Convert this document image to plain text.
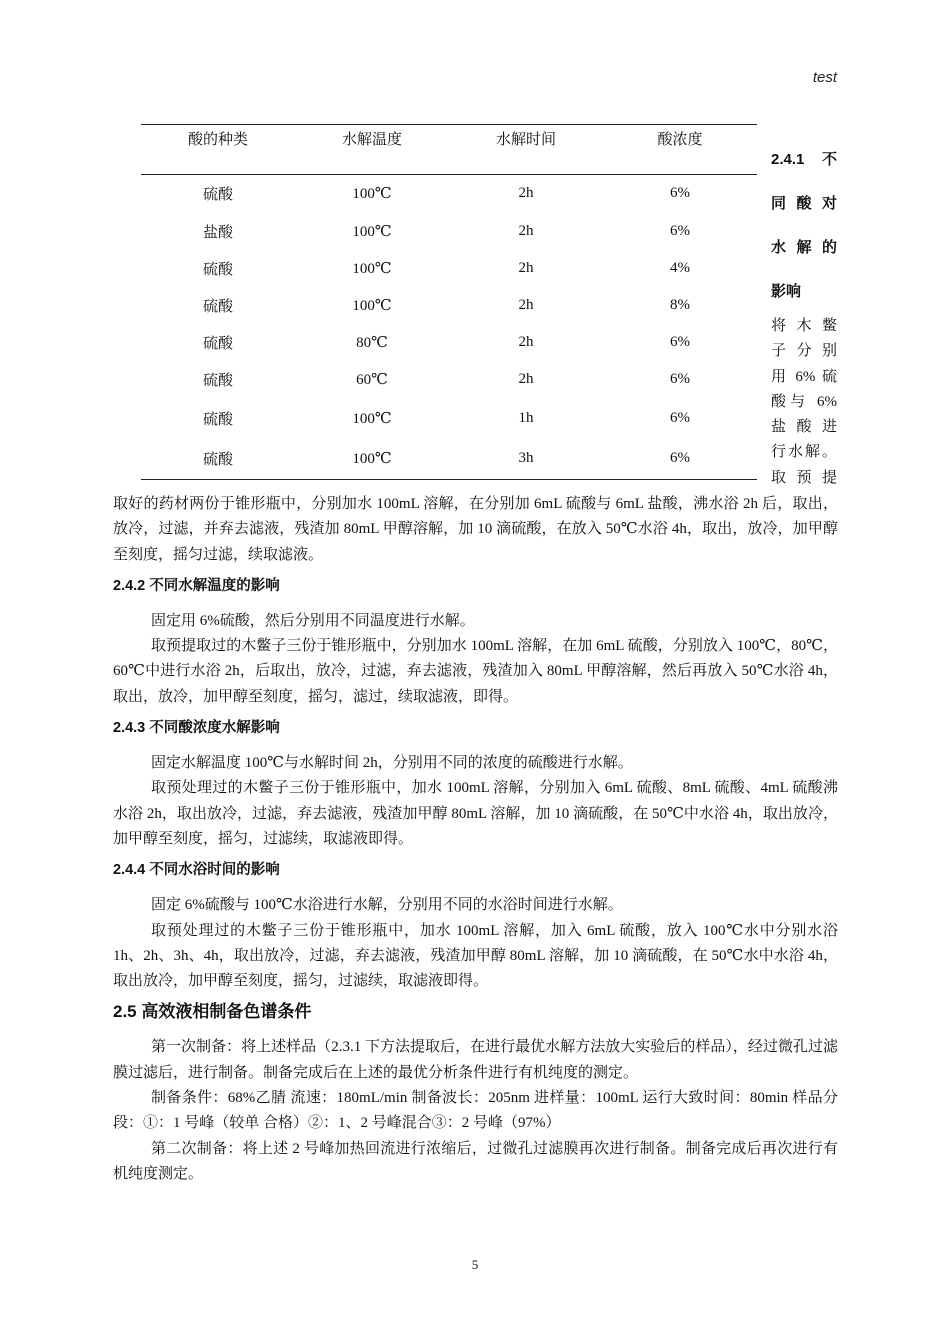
test
酸的种类	水解温度	水解时间	酸浓度
硫酸	100℃	2h	6%
盐酸	100℃	2h	6%
硫酸	100℃	2h	4%
硫酸	100℃	2h	8%
硫酸	80℃	2h	6%
硫酸	60℃	2h	6%
硫酸	100℃	1h	6%
硫酸	100℃	3h	6%
2.4.1 不
同酸对
水解的
影响
将木鳖
子分别
用 6% 硫
酸与 6%
盐酸进
行水解。
取预提

取好的药材两份于锥形瓶中，分别加水 100mL 溶解，在分别加 6mL 硫酸与 6mL 盐酸，沸水浴 2h 后，取出，放冷，过滤，并弃去滤液，残渣加 80mL 甲醇溶解，加 10 滴硫酸，在放入 50℃水浴 4h，取出，放冷，加甲醇至刻度，摇匀过滤，续取滤液。

2.4.2 不同水解温度的影响

固定用 6%硫酸，然后分别用不同温度进行水解。

取预提取过的木鳖子三份于锥形瓶中，分别加水 100mL 溶解，在加 6mL 硫酸，分别放入 100℃，80℃，60℃中进行水浴 2h，后取出，放冷，过滤，弃去滤液，残渣加入 80mL 甲醇溶解，然后再放入 50℃水浴 4h，取出，放冷，加甲醇至刻度，摇匀，滤过，续取滤液，即得。

2.4.3 不同酸浓度水解影响

固定水解温度 100℃与水解时间 2h，分别用不同的浓度的硫酸进行水解。

取预处理过的木鳖子三份于锥形瓶中，加水 100mL 溶解，分别加入 6mL 硫酸、8mL 硫酸、4mL 硫酸沸水浴 2h，取出放冷，过滤，弃去滤液，残渣加甲醇 80mL 溶解，加 10 滴硫酸，在 50℃中水浴 4h，取出放冷，加甲醇至刻度，摇匀，过滤续，取滤液即得。

2.4.4 不同水浴时间的影响

固定 6%硫酸与 100℃水浴进行水解，分别用不同的水浴时间进行水解。

取预处理过的木鳖子三份于锥形瓶中，加水 100mL 溶解，加入 6mL 硫酸，放入 100℃水中分别水浴 1h、2h、3h、4h，取出放冷，过滤，弃去滤液，残渣加甲醇 80mL 溶解，加 10 滴硫酸，在 50℃水中水浴 4h，取出放冷，加甲醇至刻度，摇匀，过滤续，取滤液即得。

2.5 高效液相制备色谱条件

第一次制备：将上述样品（2.3.1 下方法提取后，在进行最优水解方法放大实验后的样品），经过微孔过滤膜过滤后，进行制备。制备完成后在上述的最优分析条件进行有机纯度的测定。

制备条件：68%乙腈 流速：180mL/min 制备波长：205nm 进样量：100mL 运行大致时间：80min 样品分段：①：1 号峰（较单 合格）②：1、2 号峰混合③：2 号峰（97%）

第二次制备：将上述 2 号峰加热回流进行浓缩后，过微孔过滤膜再次进行制备。制备完成后再次进行有机纯度测定。

5
